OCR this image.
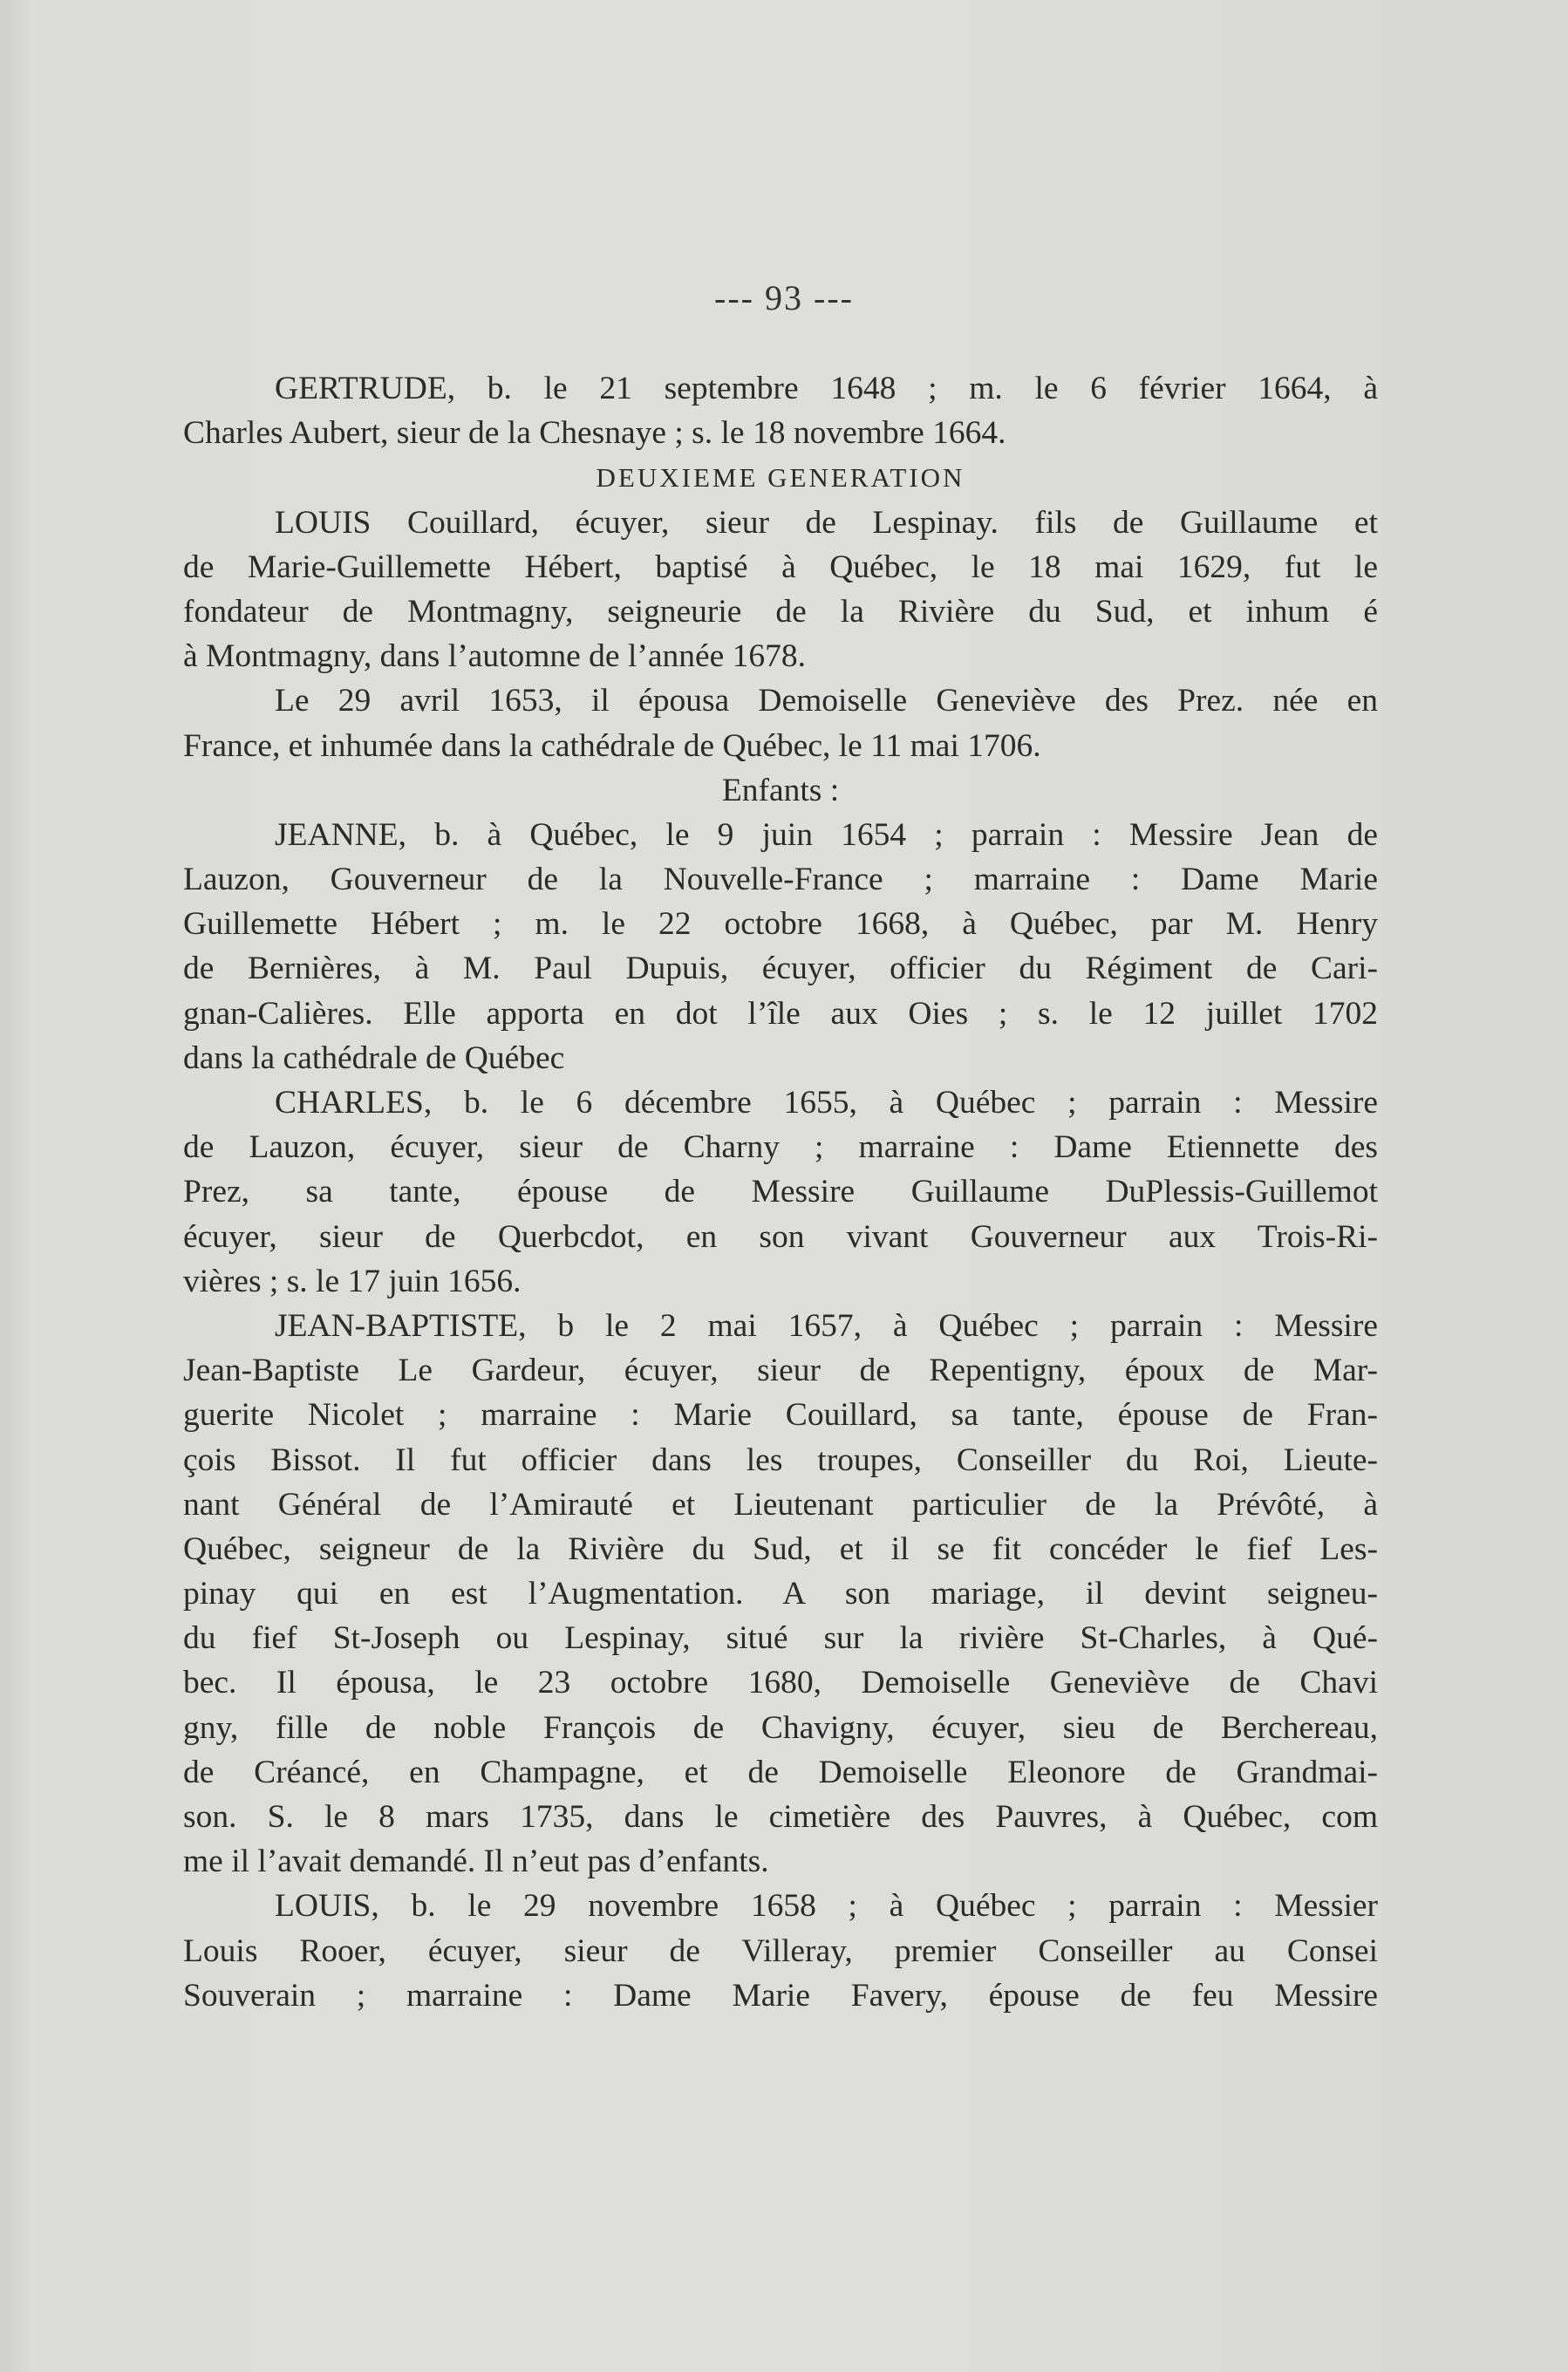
--- 93 ---
GERTRUDE, b. le 21 septembre 1648 ; m. le 6 février 1664, à
Charles Aubert, sieur de la Chesnaye ; s. le 18 novembre 1664.
DEUXIEME GENERATION
LOUIS Couillard, écuyer, sieur de Lespinay. fils de Guillaume et
de Marie-Guillemette Hébert, baptisé à Québec, le 18 mai 1629, fut le
fondateur de Montmagny, seigneurie de la Rivière du Sud, et inhum é
à Montmagny, dans l’automne de l’année 1678.
Le 29 avril 1653, il épousa Demoiselle Geneviève des Prez. née en
France, et inhumée dans la cathédrale de Québec, le 11 mai 1706.
Enfants :
JEANNE, b. à Québec, le 9 juin 1654 ; parrain : Messire Jean de
Lauzon, Gouverneur de la Nouvelle-France ; marraine : Dame Marie
Guillemette Hébert ; m. le 22 octobre 1668, à Québec, par M. Henry
de Bernières, à M. Paul Dupuis, écuyer, officier du Régiment de Cari-
gnan-Calières. Elle apporta en dot l’île aux Oies ; s. le 12 juillet 1702
dans la cathédrale de Québec
CHARLES, b. le 6 décembre 1655, à Québec ; parrain : Messire
de Lauzon, écuyer, sieur de Charny ; marraine : Dame Etiennette des
Prez, sa tante, épouse de Messire Guillaume DuPlessis-Guillemot
écuyer, sieur de Querbcdot, en son vivant Gouverneur aux Trois-Ri-
vières ; s. le 17 juin 1656.
JEAN-BAPTISTE, b le 2 mai 1657, à Québec ; parrain : Messire
Jean-Baptiste Le Gardeur, écuyer, sieur de Repentigny, époux de Mar-
guerite Nicolet ; marraine : Marie Couillard, sa tante, épouse de Fran-
çois Bissot. Il fut officier dans les troupes, Conseiller du Roi, Lieute-
nant Général de l’Amirauté et Lieutenant particulier de la Prévôté, à
Québec, seigneur de la Rivière du Sud, et il se fit concéder le fief Les-
pinay qui en est l’Augmentation. A son mariage, il devint seigneu-
du fief St-Joseph ou Lespinay, situé sur la rivière St-Charles, à Qué-
bec. Il épousa, le 23 octobre 1680, Demoiselle Geneviève de Chavi
gny, fille de noble François de Chavigny, écuyer, sieu de Berchereau,
de Créancé, en Champagne, et de Demoiselle Eleonore de Grandmai-
son. S. le 8 mars 1735, dans le cimetière des Pauvres, à Québec, com
me il l’avait demandé. Il n’eut pas d’enfants.
LOUIS, b. le 29 novembre 1658 ; à Québec ; parrain : Messier
Louis Rooer, écuyer, sieur de Villeray, premier Conseiller au Consei
Souverain ; marraine : Dame Marie Favery, épouse de feu Messire
